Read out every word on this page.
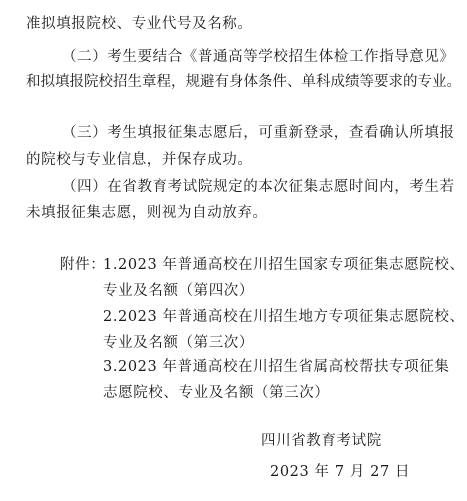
准拟填报院校、专业代号及名称。
（二）考生要结合《普通高等学校招生体检工作指导意见》
和拟填报院校招生章程，规避有身体条件、单科成绩等要求的专业。
（三）考生填报征集志愿后，可重新登录，查看确认所填报
的院校与专业信息，并保存成功。
（四）在省教育考试院规定的本次征集志愿时间内，考生若
未填报征集志愿，则视为自动放弃。
附件：
1.2023 年普通高校在川招生国家专项征集志愿院校、
专业及名额（第四次）
2.2023 年普通高校在川招生地方专项征集志愿院校、
专业及名额（第三次）
3.2023 年普通高校在川招生省属高校帮扶专项征集
志愿院校、专业及名额（第三次）
四川省教育考试院
2023 年 7 月 27 日
